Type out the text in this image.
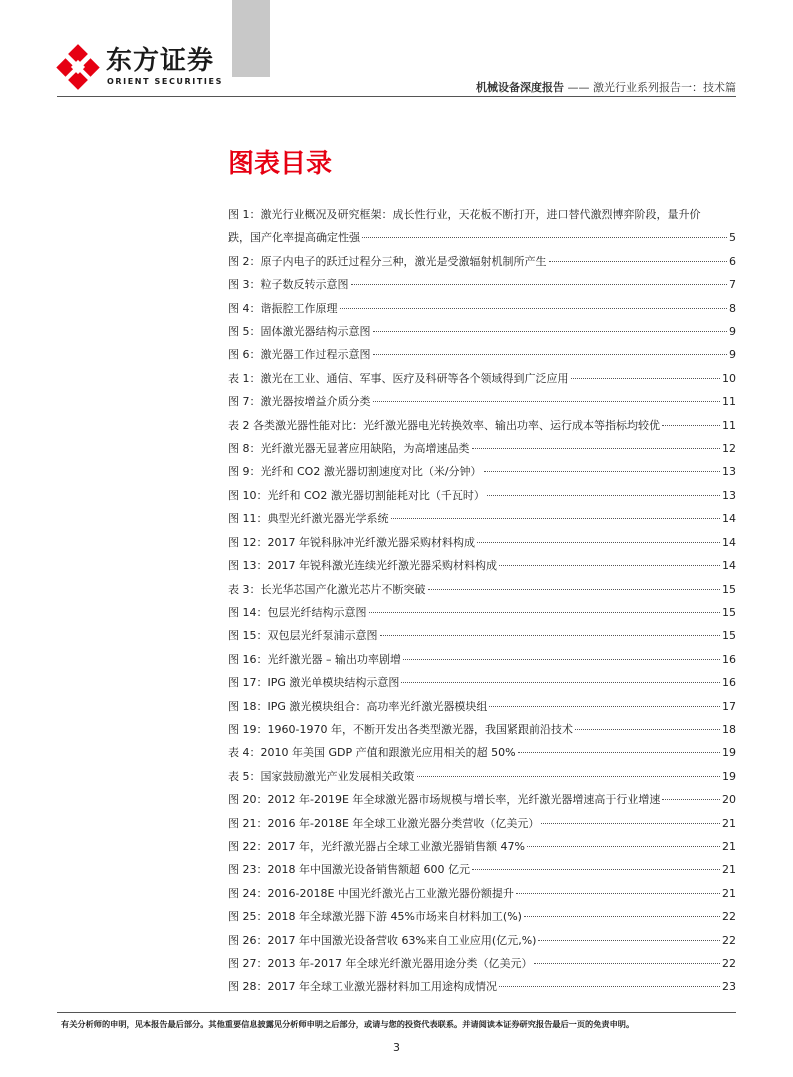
东方证券
ORIENT SECURITIES	机械设备深度报告 —— 激光行业系列报告一：技术篇
图表目录
图 1：激光行业概况及研究框架：成长性行业，天花板不断打开，进口替代激烈博弈阶段，量升价
跌，国产化率提高确定性强	5
图 2：原子内电子的跃迁过程分三种，激光是受激辐射机制所产生	6
图 3：粒子数反转示意图	7
图 4：谐振腔工作原理	8
图 5：固体激光器结构示意图	9
图 6：激光器工作过程示意图	9
表 1：激光在工业、通信、军事、医疗及科研等各个领域得到广泛应用	10
图 7：激光器按增益介质分类	11
表 2 各类激光器性能对比：光纤激光器电光转换效率、输出功率、运行成本等指标均较优	11
图 8：光纤激光器无显著应用缺陷，为高增速品类	12
图 9：光纤和 CO2 激光器切割速度对比（米/分钟）	13
图 10：光纤和 CO2 激光器切割能耗对比（千瓦时）	13
图 11：典型光纤激光器光学系统	14
图 12：2017 年锐科脉冲光纤激光器采购材料构成	14
图 13：2017 年锐科激光连续光纤激光器采购材料构成	14
表 3：长光华芯国产化激光芯片不断突破	15
图 14：包层光纤结构示意图	15
图 15：双包层光纤泵浦示意图	15
图 16：光纤激光器 – 输出功率剧增	16
图 17：IPG 激光单模块结构示意图	16
图 18：IPG 激光模块组合：高功率光纤激光器模块组	17
图 19：1960-1970 年，不断开发出各类型激光器，我国紧跟前沿技术	18
表 4：2010 年美国 GDP 产值和跟激光应用相关的超 50%	19
表 5：国家鼓励激光产业发展相关政策	19
图 20：2012 年-2019E 年全球激光器市场规模与增长率，光纤激光器增速高于行业增速	20
图 21：2016 年-2018E 年全球工业激光器分类营收（亿美元）	21
图 22：2017 年，光纤激光器占全球工业激光器销售额 47%	21
图 23：2018 年中国激光设备销售额超 600 亿元	21
图 24：2016-2018E 中国光纤激光占工业激光器份额提升	21
图 25：2018 年全球激光器下游 45%市场来自材料加工(%)	22
图 26：2017 年中国激光设备营收 63%来自工业应用(亿元,%)	22
图 27：2013 年-2017 年全球光纤激光器用途分类（亿美元）	22
图 28：2017 年全球工业激光器材料加工用途构成情况	23
有关分析师的申明，见本报告最后部分。其他重要信息披露见分析师申明之后部分，或请与您的投资代表联系。并请阅读本证券研究报告最后一页的免责申明。
3
